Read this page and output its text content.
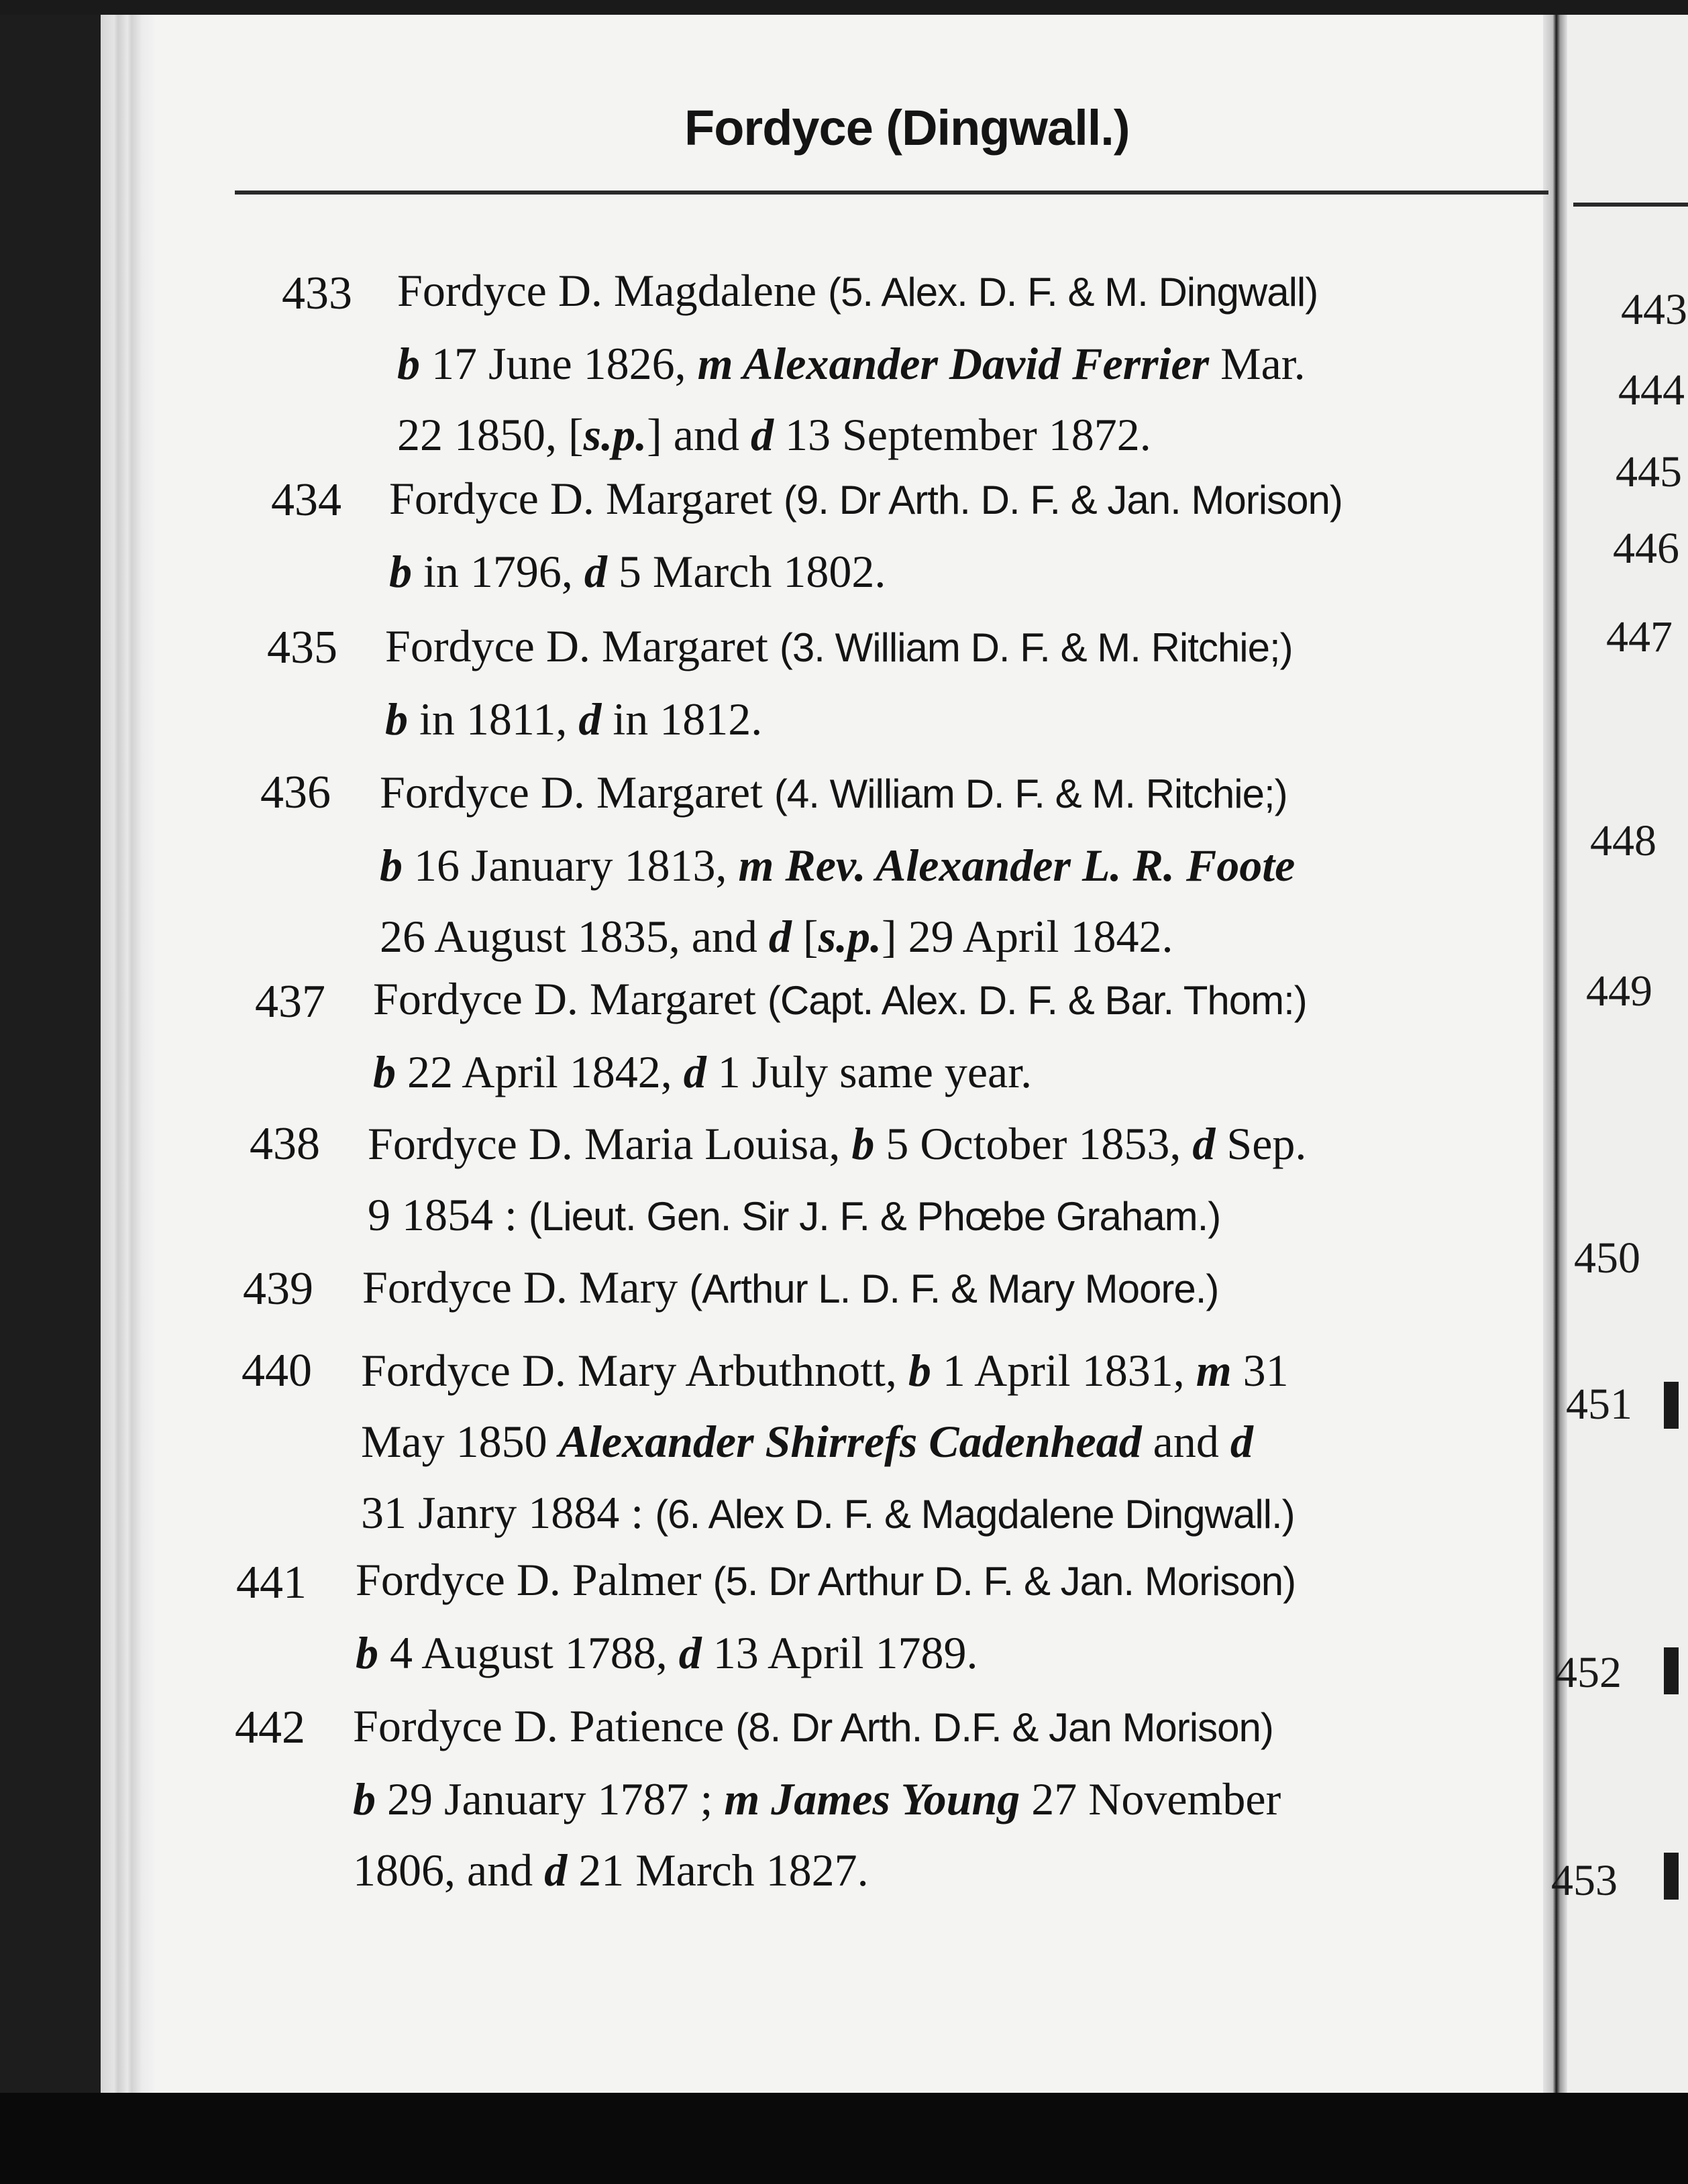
Fordyce (Dingwall.)
433 Fordyce D. Magdalene (5. Alex. D. F. & M. Dingwall)
b 17 June 1826, m Alexander David Ferrier Mar.
22 1850, [s.p.] and d 13 September 1872.
434	Fordyce D. Margaret (9. Dr Arth. D. F. & Jan. Morison)
b in 1796, d 5 March 1802.
435	Fordyce D. Margaret (3. William D. F. & M. Ritchie;)
b in 1811, d in 1812.
436	Fordyce D. Margaret (4. William D. F. & M. Ritchie;)
b 16 January 1813, m Rev. Alexander L. R. Foote
26 August 1835, and d [s.p.] 29 April 1842.
437	Fordyce D. Margaret (Capt. Alex. D. F. & Bar. Thom:)
b 22 April 1842, d 1 July same year.
438	Fordyce D. Maria Louisa, b 5 October 1853, d Sep.
9 1854 : (Lieut. Gen. Sir J. F. & Phœbe Graham.)
439	Fordyce D. Mary (Arthur L. D. F. & Mary Moore.)
440	Fordyce D. Mary Arbuthnott, b 1 April 1831, m 31
May 1850 Alexander Shirrefs Cadenhead and d
31 Janry 1884 : (6. Alex D. F. & Magdalene Dingwall.)
441	Fordyce D. Palmer (5. Dr Arthur D. F. & Jan. Morison)
b 4 August 1788, d 13 April 1789.
442	Fordyce D. Patience (8. Dr Arth. D.F. & Jan Morison)
b 29 January 1787 ; m James Young 27 November
1806, and d 21 March 1827.
443
444
445
446
447
448
449
450
451
452
453
